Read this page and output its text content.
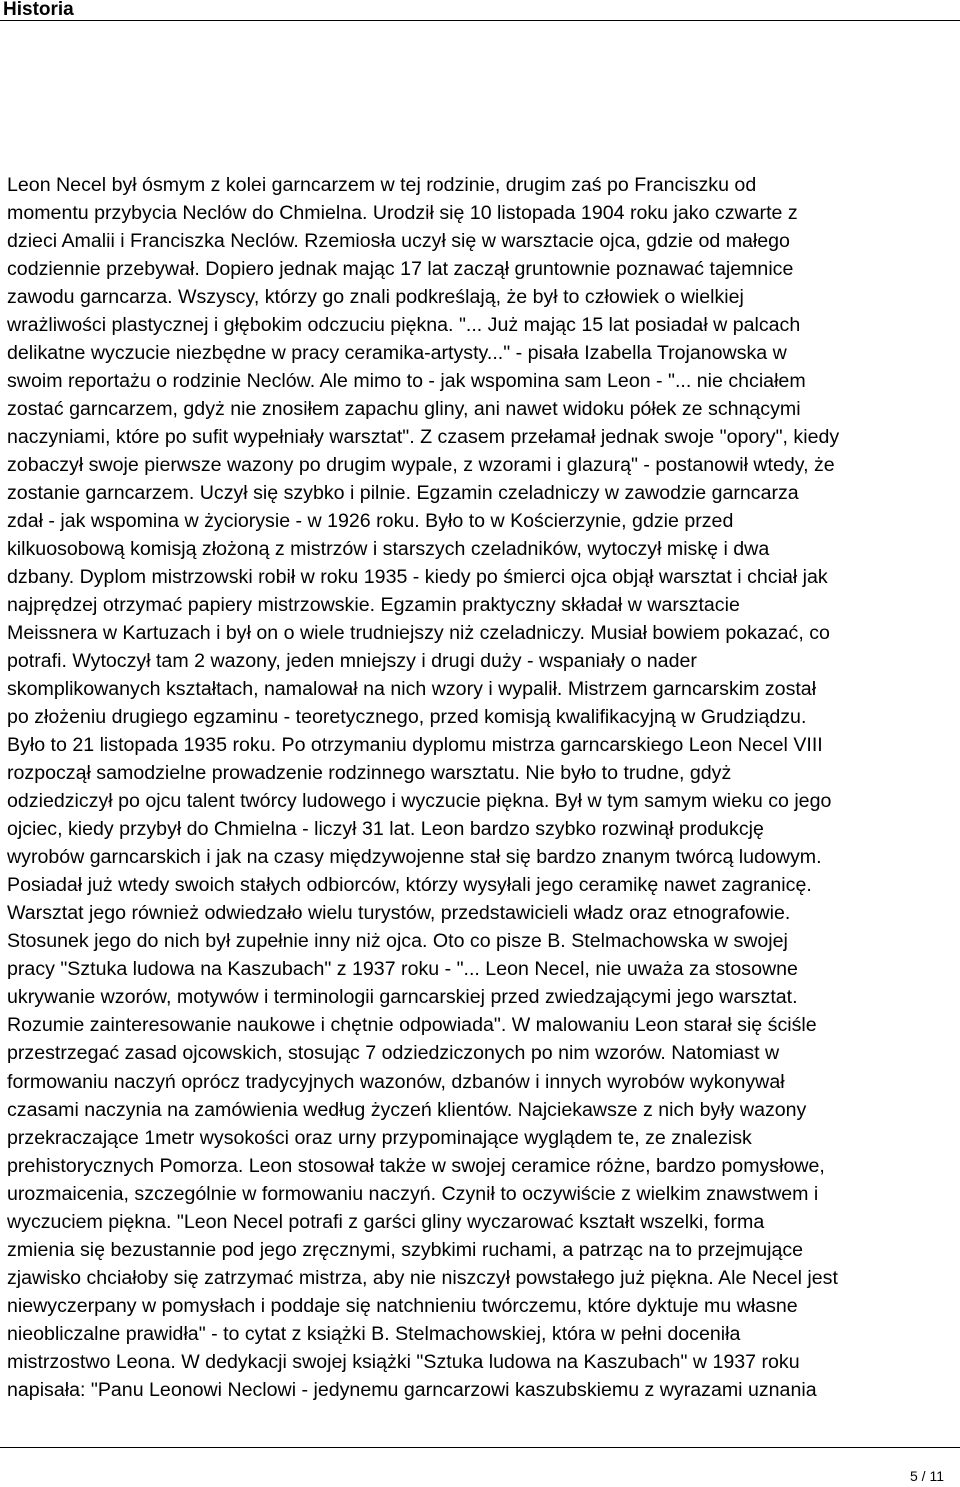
Historia

Leon Necel był ósmym z kolei garncarzem w tej rodzinie, drugim zaś po Franciszku od

momentu przybycia Neclów do Chmielna. Urodził się 10 listopada 1904 roku jako czwarte z

dzieci Amalii i Franciszka Neclów. Rzemiosła uczył się w warsztacie ojca, gdzie od małego

codziennie przebywał. Dopiero jednak mając 17 lat zaczął gruntownie poznawać tajemnice

zawodu garncarza. Wszyscy, którzy go znali podkreślają, że był to człowiek o wielkiej

wrażliwości plastycznej i głębokim odczuciu piękna. "... Już mając 15 lat posiadał w palcach

delikatne wyczucie niezbędne w pracy ceramika-artysty..." - pisała Izabella Trojanowska w

swoim reportażu o rodzinie Neclów. Ale mimo to - jak wspomina sam Leon - "... nie chciałem

zostać garncarzem, gdyż nie znosiłem zapachu gliny, ani nawet widoku półek ze schnącymi

naczyniami, które po sufit wypełniały warsztat". Z czasem przełamał jednak swoje "opory", kiedy

zobaczył swoje pierwsze wazony po drugim wypale, z wzorami i glazurą" - postanowił wtedy, że

zostanie garncarzem. Uczył się szybko i pilnie. Egzamin czeladniczy w zawodzie garncarza

zdał - jak wspomina w życiorysie - w 1926 roku. Było to w Kościerzynie, gdzie przed

kilkuosobową komisją złożoną z mistrzów i starszych czeladników, wytoczył miskę i dwa

dzbany. Dyplom mistrzowski robił w roku 1935 - kiedy po śmierci ojca objął warsztat i chciał jak

najprędzej otrzymać papiery mistrzowskie. Egzamin praktyczny składał w warsztacie

Meissnera w Kartuzach i był on o wiele trudniejszy niż czeladniczy. Musiał bowiem pokazać, co

potrafi. Wytoczył tam 2 wazony, jeden mniejszy i drugi duży - wspaniały o nader

skomplikowanych kształtach, namalował na nich wzory i wypalił. Mistrzem garncarskim został

po złożeniu drugiego egzaminu - teoretycznego, przed komisją kwalifikacyjną w Grudziądzu.

Było to 21 listopada 1935 roku. Po otrzymaniu dyplomu mistrza garncarskiego Leon Necel VIII

rozpoczął samodzielne prowadzenie rodzinnego warsztatu. Nie było to trudne, gdyż

odziedziczył po ojcu talent twórcy ludowego i wyczucie piękna. Był w tym samym wieku co jego

ojciec, kiedy przybył do Chmielna - liczył 31 lat. Leon bardzo szybko rozwinął produkcję

wyrobów garncarskich i jak na czasy międzywojenne stał się bardzo znanym twórcą ludowym.

Posiadał już wtedy swoich stałych odbiorców, którzy wysyłali jego ceramikę nawet zagranicę.

Warsztat jego również odwiedzało wielu turystów, przedstawicieli władz oraz etnografowie.

Stosunek jego do nich był zupełnie inny niż ojca. Oto co pisze B. Stelmachowska w swojej

pracy "Sztuka ludowa na Kaszubach" z 1937 roku - "... Leon Necel, nie uważa za stosowne

ukrywanie wzorów, motywów i terminologii garncarskiej przed zwiedzającymi jego warsztat.

Rozumie zainteresowanie naukowe i chętnie odpowiada". W malowaniu Leon starał się ściśle

przestrzegać zasad ojcowskich, stosując 7 odziedziczonych po nim wzorów. Natomiast w

formowaniu naczyń oprócz tradycyjnych wazonów, dzbanów i innych wyrobów wykonywał

czasami naczynia na zamówienia według życzeń klientów. Najciekawsze z nich były wazony

przekraczające 1metr wysokości oraz urny przypominające wyglądem te, ze znalezisk

prehistorycznych Pomorza. Leon stosował także w swojej ceramice różne, bardzo pomysłowe,

urozmaicenia, szczególnie w formowaniu naczyń. Czynił to oczywiście z wielkim znawstwem i

wyczuciem piękna. "Leon Necel potrafi z garści gliny wyczarować kształt wszelki, forma

zmienia się bezustannie pod jego zręcznymi, szybkimi ruchami, a patrząc na to przejmujące

zjawisko chciałoby się zatrzymać mistrza, aby nie niszczył powstałego już piękna. Ale Necel jest

niewyczerpany w pomysłach i poddaje się natchnieniu twórczemu, które dyktuje mu własne

nieobliczalne prawidła" - to cytat z książki B. Stelmachowskiej, która w pełni doceniła

mistrzostwo Leona. W dedykacji swojej książki "Sztuka ludowa na Kaszubach" w 1937 roku

napisała: "Panu Leonowi Neclowi - jedynemu garncarzowi kaszubskiemu z wyrazami uznania

5 / 11
